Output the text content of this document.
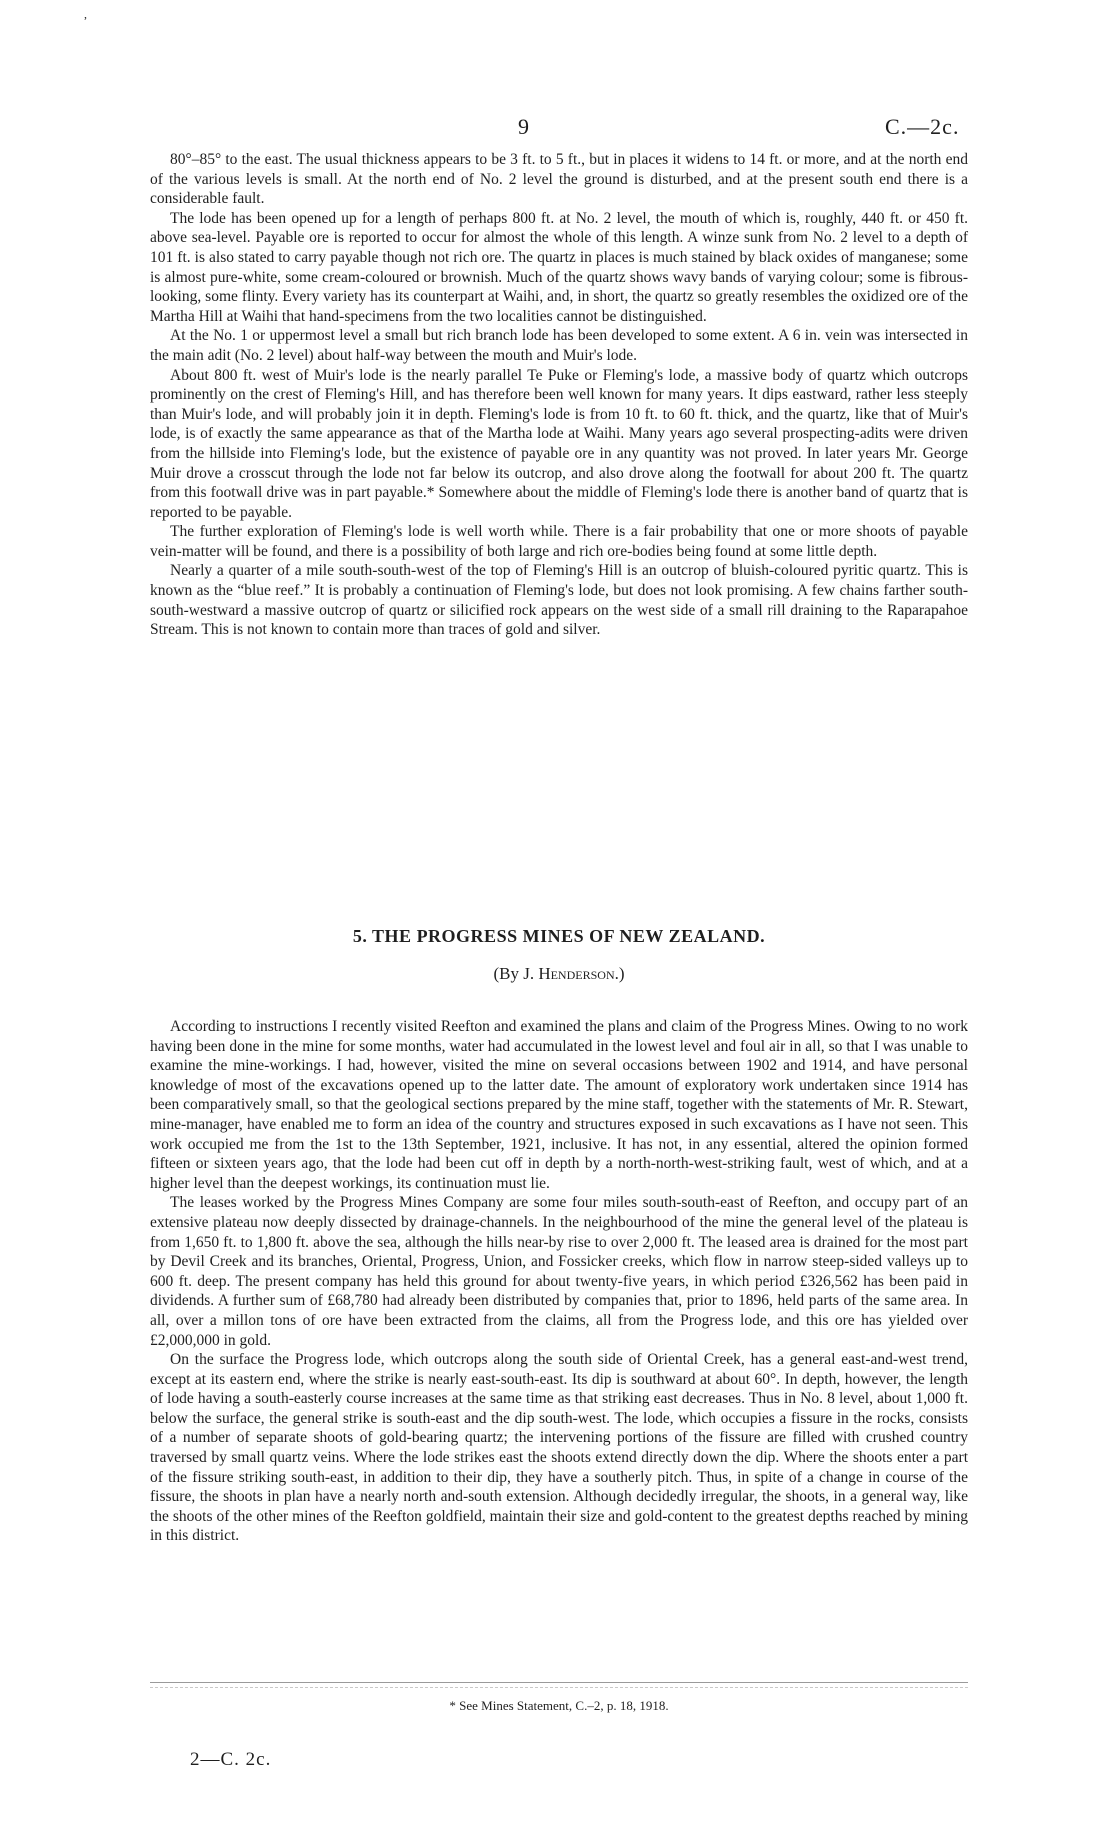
,
9	C.—2c.

80°–85° to the east. The usual thickness appears to be 3 ft. to 5 ft., but in places it widens to 14 ft. or more, and at the north end of the various levels is small. At the north end of No. 2 level the ground is disturbed, and at the present south end there is a considerable fault.

The lode has been opened up for a length of perhaps 800 ft. at No. 2 level, the mouth of which is, roughly, 440 ft. or 450 ft. above sea-level. Payable ore is reported to occur for almost the whole of this length. A winze sunk from No. 2 level to a depth of 101 ft. is also stated to carry payable though not rich ore. The quartz in places is much stained by black oxides of manganese; some is almost pure-white, some cream-coloured or brownish. Much of the quartz shows wavy bands of varying colour; some is fibrous-looking, some flinty. Every variety has its counterpart at Waihi, and, in short, the quartz so greatly resembles the oxidized ore of the Martha Hill at Waihi that hand-specimens from the two localities cannot be distinguished.

At the No. 1 or uppermost level a small but rich branch lode has been developed to some extent. A 6 in. vein was intersected in the main adit (No. 2 level) about half-way between the mouth and Muir's lode.

About 800 ft. west of Muir's lode is the nearly parallel Te Puke or Fleming's lode, a massive body of quartz which outcrops prominently on the crest of Fleming's Hill, and has therefore been well known for many years. It dips eastward, rather less steeply than Muir's lode, and will probably join it in depth. Fleming's lode is from 10 ft. to 60 ft. thick, and the quartz, like that of Muir's lode, is of exactly the same appearance as that of the Martha lode at Waihi. Many years ago several prospecting-adits were driven from the hillside into Fleming's lode, but the existence of payable ore in any quantity was not proved. In later years Mr. George Muir drove a crosscut through the lode not far below its outcrop, and also drove along the footwall for about 200 ft. The quartz from this footwall drive was in part payable.* Somewhere about the middle of Fleming's lode there is another band of quartz that is reported to be payable.

The further exploration of Fleming's lode is well worth while. There is a fair probability that one or more shoots of payable vein-matter will be found, and there is a possibility of both large and rich ore-bodies being found at some little depth.

Nearly a quarter of a mile south-south-west of the top of Fleming's Hill is an outcrop of bluish-coloured pyritic quartz. This is known as the “blue reef.” It is probably a continuation of Fleming's lode, but does not look promising. A few chains farther south-south-westward a massive outcrop of quartz or silicified rock appears on the west side of a small rill draining to the Raparapahoe Stream. This is not known to contain more than traces of gold and silver.

5. THE PROGRESS MINES OF NEW ZEALAND.

(By J. Henderson.)

According to instructions I recently visited Reefton and examined the plans and claim of the Progress Mines. Owing to no work having been done in the mine for some months, water had accumulated in the lowest level and foul air in all, so that I was unable to examine the mine-workings. I had, however, visited the mine on several occasions between 1902 and 1914, and have personal knowledge of most of the excavations opened up to the latter date. The amount of exploratory work undertaken since 1914 has been comparatively small, so that the geological sections prepared by the mine staff, together with the statements of Mr. R. Stewart, mine-manager, have enabled me to form an idea of the country and structures exposed in such excavations as I have not seen. This work occupied me from the 1st to the 13th September, 1921, inclusive. It has not, in any essential, altered the opinion formed fifteen or sixteen years ago, that the lode had been cut off in depth by a north-north-west-striking fault, west of which, and at a higher level than the deepest workings, its continuation must lie.

The leases worked by the Progress Mines Company are some four miles south-south-east of Reefton, and occupy part of an extensive plateau now deeply dissected by drainage-channels. In the neighbourhood of the mine the general level of the plateau is from 1,650 ft. to 1,800 ft. above the sea, although the hills near-by rise to over 2,000 ft. The leased area is drained for the most part by Devil Creek and its branches, Oriental, Progress, Union, and Fossicker creeks, which flow in narrow steep-sided valleys up to 600 ft. deep. The present company has held this ground for about twenty-five years, in which period £326,562 has been paid in dividends. A further sum of £68,780 had already been distributed by companies that, prior to 1896, held parts of the same area. In all, over a millon tons of ore have been extracted from the claims, all from the Progress lode, and this ore has yielded over £2,000,000 in gold.

On the surface the Progress lode, which outcrops along the south side of Oriental Creek, has a general east-and-west trend, except at its eastern end, where the strike is nearly east-south-east. Its dip is southward at about 60°. In depth, however, the length of lode having a south-easterly course increases at the same time as that striking east decreases. Thus in No. 8 level, about 1,000 ft. below the surface, the general strike is south-east and the dip south-west. The lode, which occupies a fissure in the rocks, consists of a number of separate shoots of gold-bearing quartz; the intervening portions of the fissure are filled with crushed country traversed by small quartz veins. Where the lode strikes east the shoots extend directly down the dip. Where the shoots enter a part of the fissure striking south-east, in addition to their dip, they have a southerly pitch. Thus, in spite of a change in course of the fissure, the shoots in plan have a nearly north and-south extension. Although decidedly irregular, the shoots, in a general way, like the shoots of the other mines of the Reefton goldfield, maintain their size and gold-content to the greatest depths reached by mining in this district.

* See Mines Statement, C.–2, p. 18, 1918.

2—C. 2c.
